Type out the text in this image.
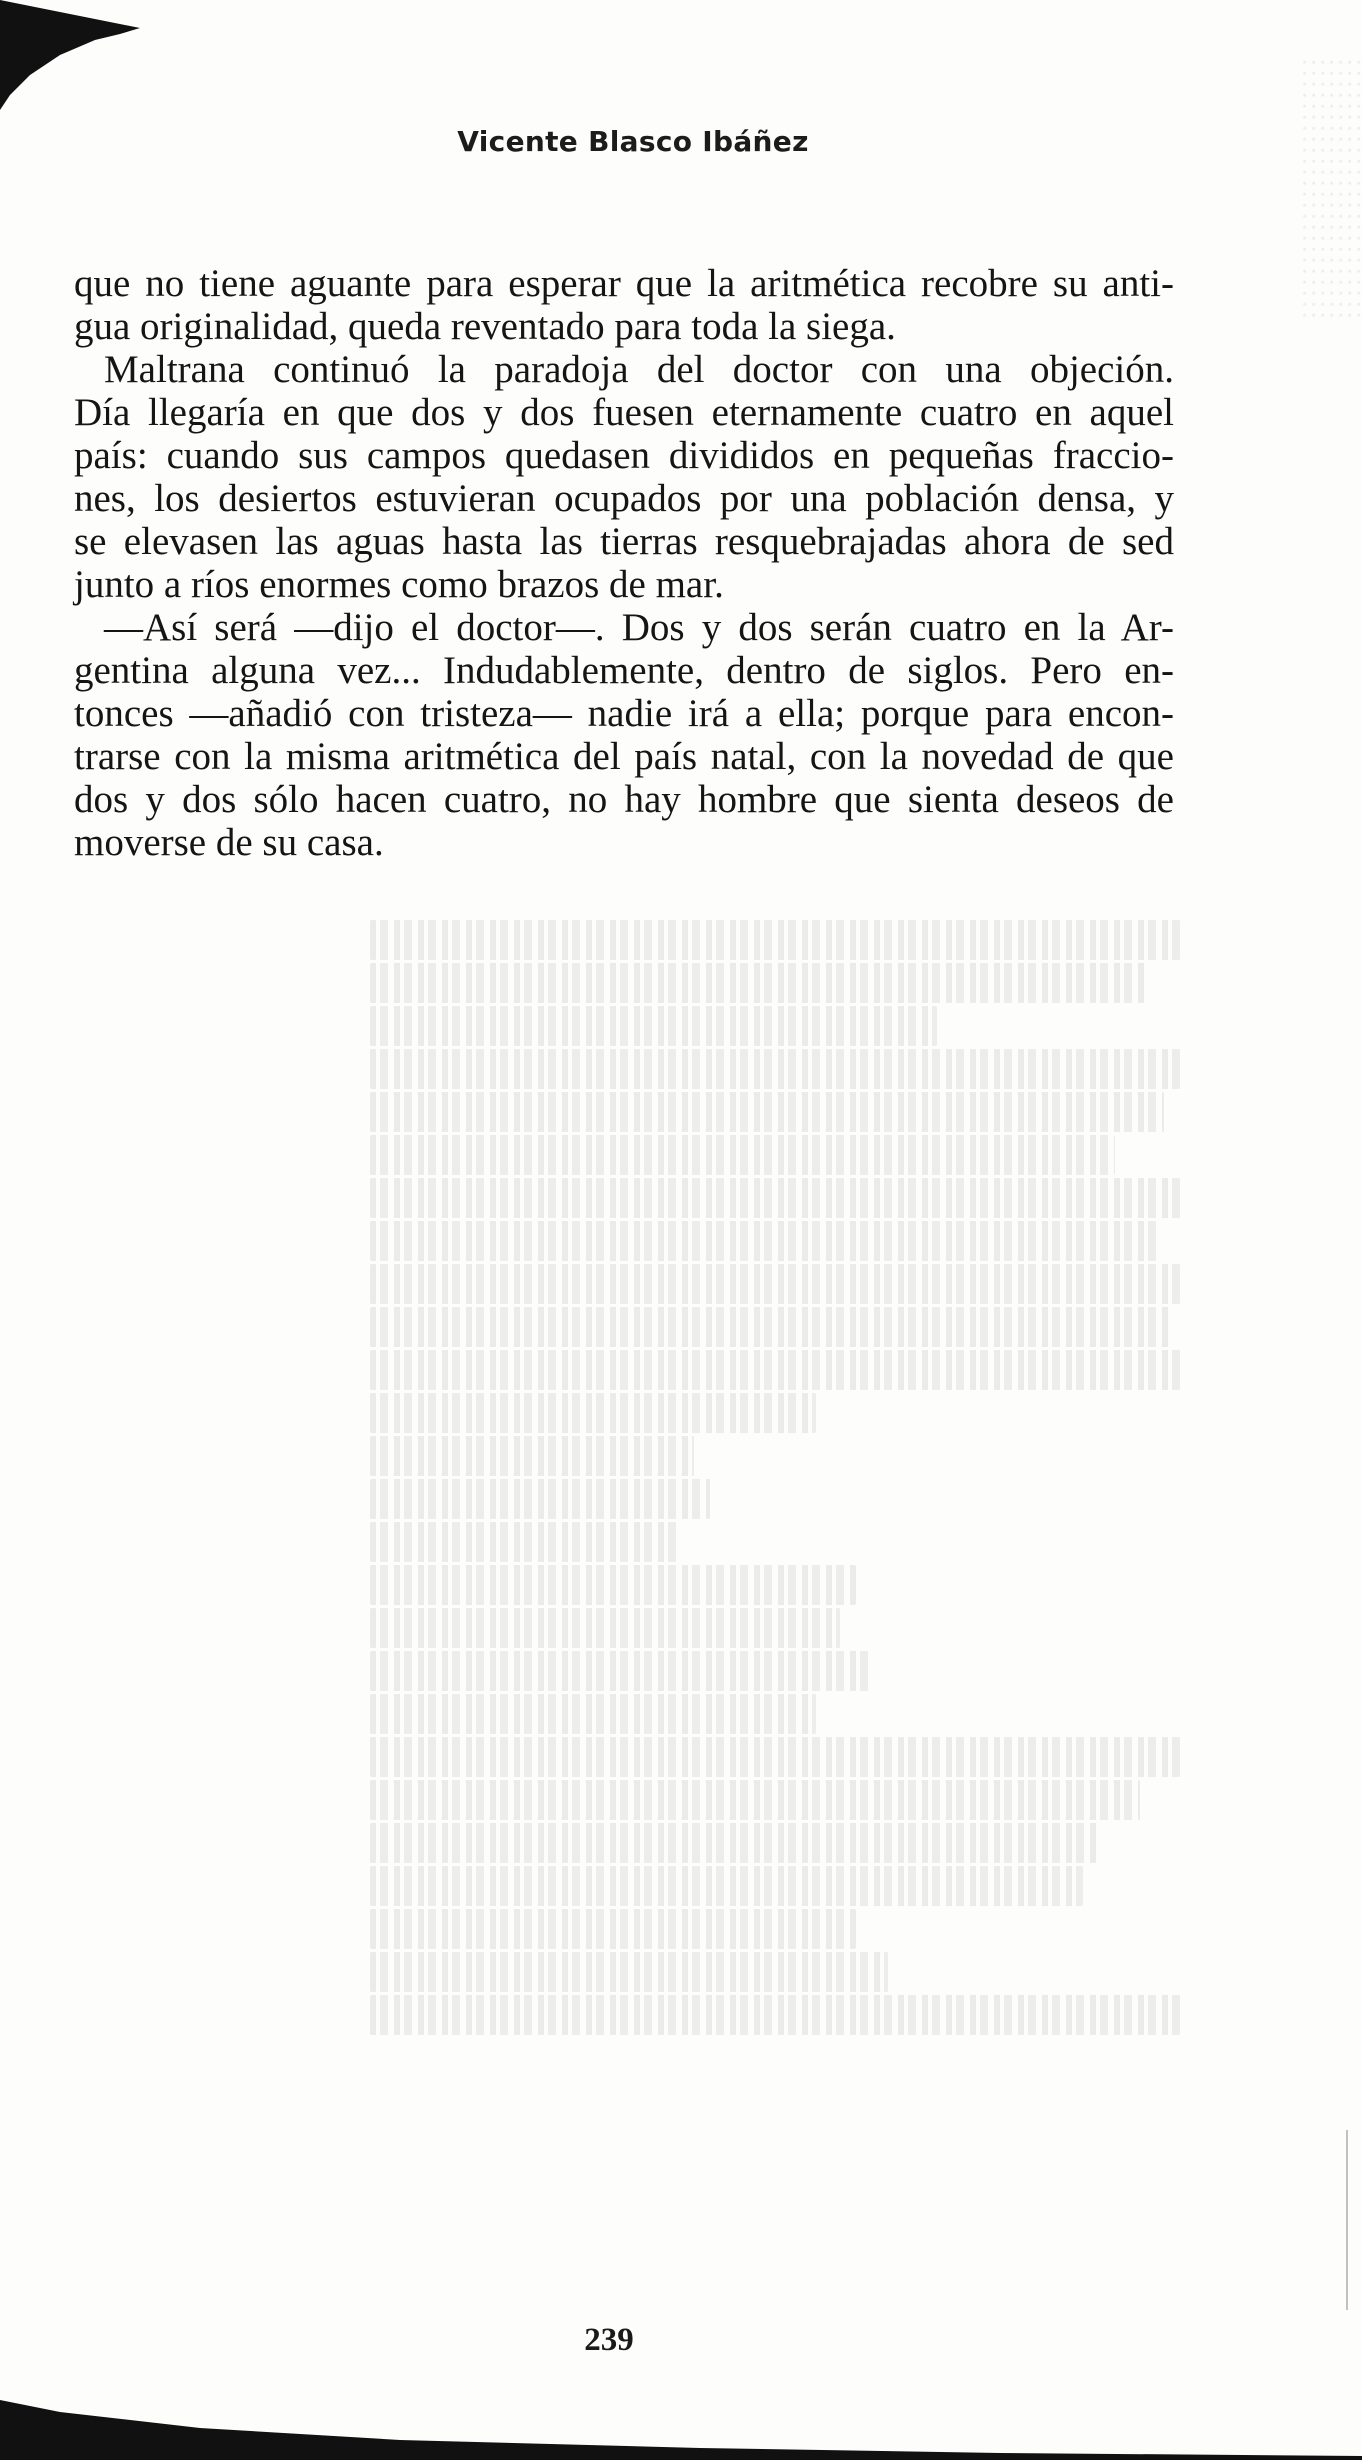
Vicente Blasco Ibáñez
que no tiene aguante para esperar que la aritmética recobre su anti-
gua originalidad, queda reventado para toda la siega.
Maltrana continuó la paradoja del doctor con una objeción.
Día llegaría en que dos y dos fuesen eternamente cuatro en aquel
país: cuando sus campos quedasen divididos en pequeñas fraccio-
nes, los desiertos estuvieran ocupados por una población densa, y
se elevasen las aguas hasta las tierras resquebrajadas ahora de sed
junto a ríos enormes como brazos de mar.
—Así será —dijo el doctor—. Dos y dos serán cuatro en la Ar-
gentina alguna vez... Indudablemente, dentro de siglos. Pero en-
tonces —añadió con tristeza— nadie irá a ella; porque para encon-
trarse con la misma aritmética del país natal, con la novedad de que
dos y dos sólo hacen cuatro, no hay hombre que sienta deseos de
moverse de su casa.
239
